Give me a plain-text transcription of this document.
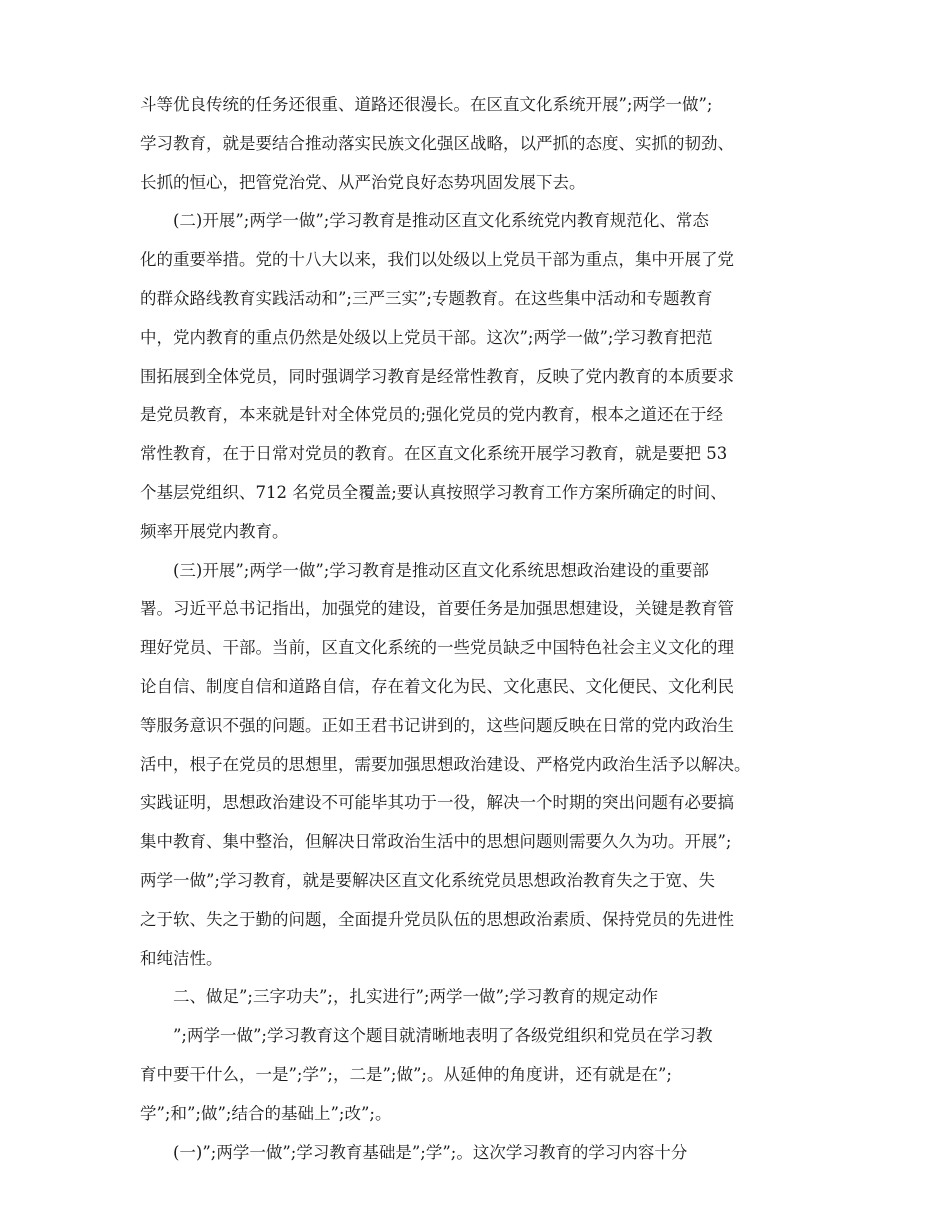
斗等优良传统的任务还很重、道路还很漫长。在区直文化系统开展”;两学一做”;
学习教育，就是要结合推动落实民族文化强区战略，以严抓的态度、实抓的韧劲、
长抓的恒心，把管党治党、从严治党良好态势巩固发展下去。
(二)开展”;两学一做”;学习教育是推动区直文化系统党内教育规范化、常态
化的重要举措。党的十八大以来，我们以处级以上党员干部为重点，集中开展了党
的群众路线教育实践活动和”;三严三实”;专题教育。在这些集中活动和专题教育
中，党内教育的重点仍然是处级以上党员干部。这次”;两学一做”;学习教育把范
围拓展到全体党员，同时强调学习教育是经常性教育，反映了党内教育的本质要求
是党员教育，本来就是针对全体党员的;强化党员的党内教育，根本之道还在于经
常性教育，在于日常对党员的教育。在区直文化系统开展学习教育，就是要把 53
个基层党组织、712 名党员全覆盖;要认真按照学习教育工作方案所确定的时间、
频率开展党内教育。
(三)开展”;两学一做”;学习教育是推动区直文化系统思想政治建设的重要部
署。习近平总书记指出，加强党的建设，首要任务是加强思想建设，关键是教育管
理好党员、干部。当前，区直文化系统的一些党员缺乏中国特色社会主义文化的理
论自信、制度自信和道路自信，存在着文化为民、文化惠民、文化便民、文化利民
等服务意识不强的问题。正如王君书记讲到的，这些问题反映在日常的党内政治生
活中，根子在党员的思想里，需要加强思想政治建设、严格党内政治生活予以解决。
实践证明，思想政治建设不可能毕其功于一役，解决一个时期的突出问题有必要搞
集中教育、集中整治，但解决日常政治生活中的思想问题则需要久久为功。开展”;
两学一做”;学习教育，就是要解决区直文化系统党员思想政治教育失之于宽、失
之于软、失之于勤的问题，全面提升党员队伍的思想政治素质、保持党员的先进性
和纯洁性。
二、做足”;三字功夫”;，扎实进行”;两学一做”;学习教育的规定动作
”;两学一做”;学习教育这个题目就清晰地表明了各级党组织和党员在学习教
育中要干什么，一是”;学”;，二是”;做”;。从延伸的角度讲，还有就是在”;
学”;和”;做”;结合的基础上”;改”;。
(一)”;两学一做”;学习教育基础是”;学”;。这次学习教育的学习内容十分
